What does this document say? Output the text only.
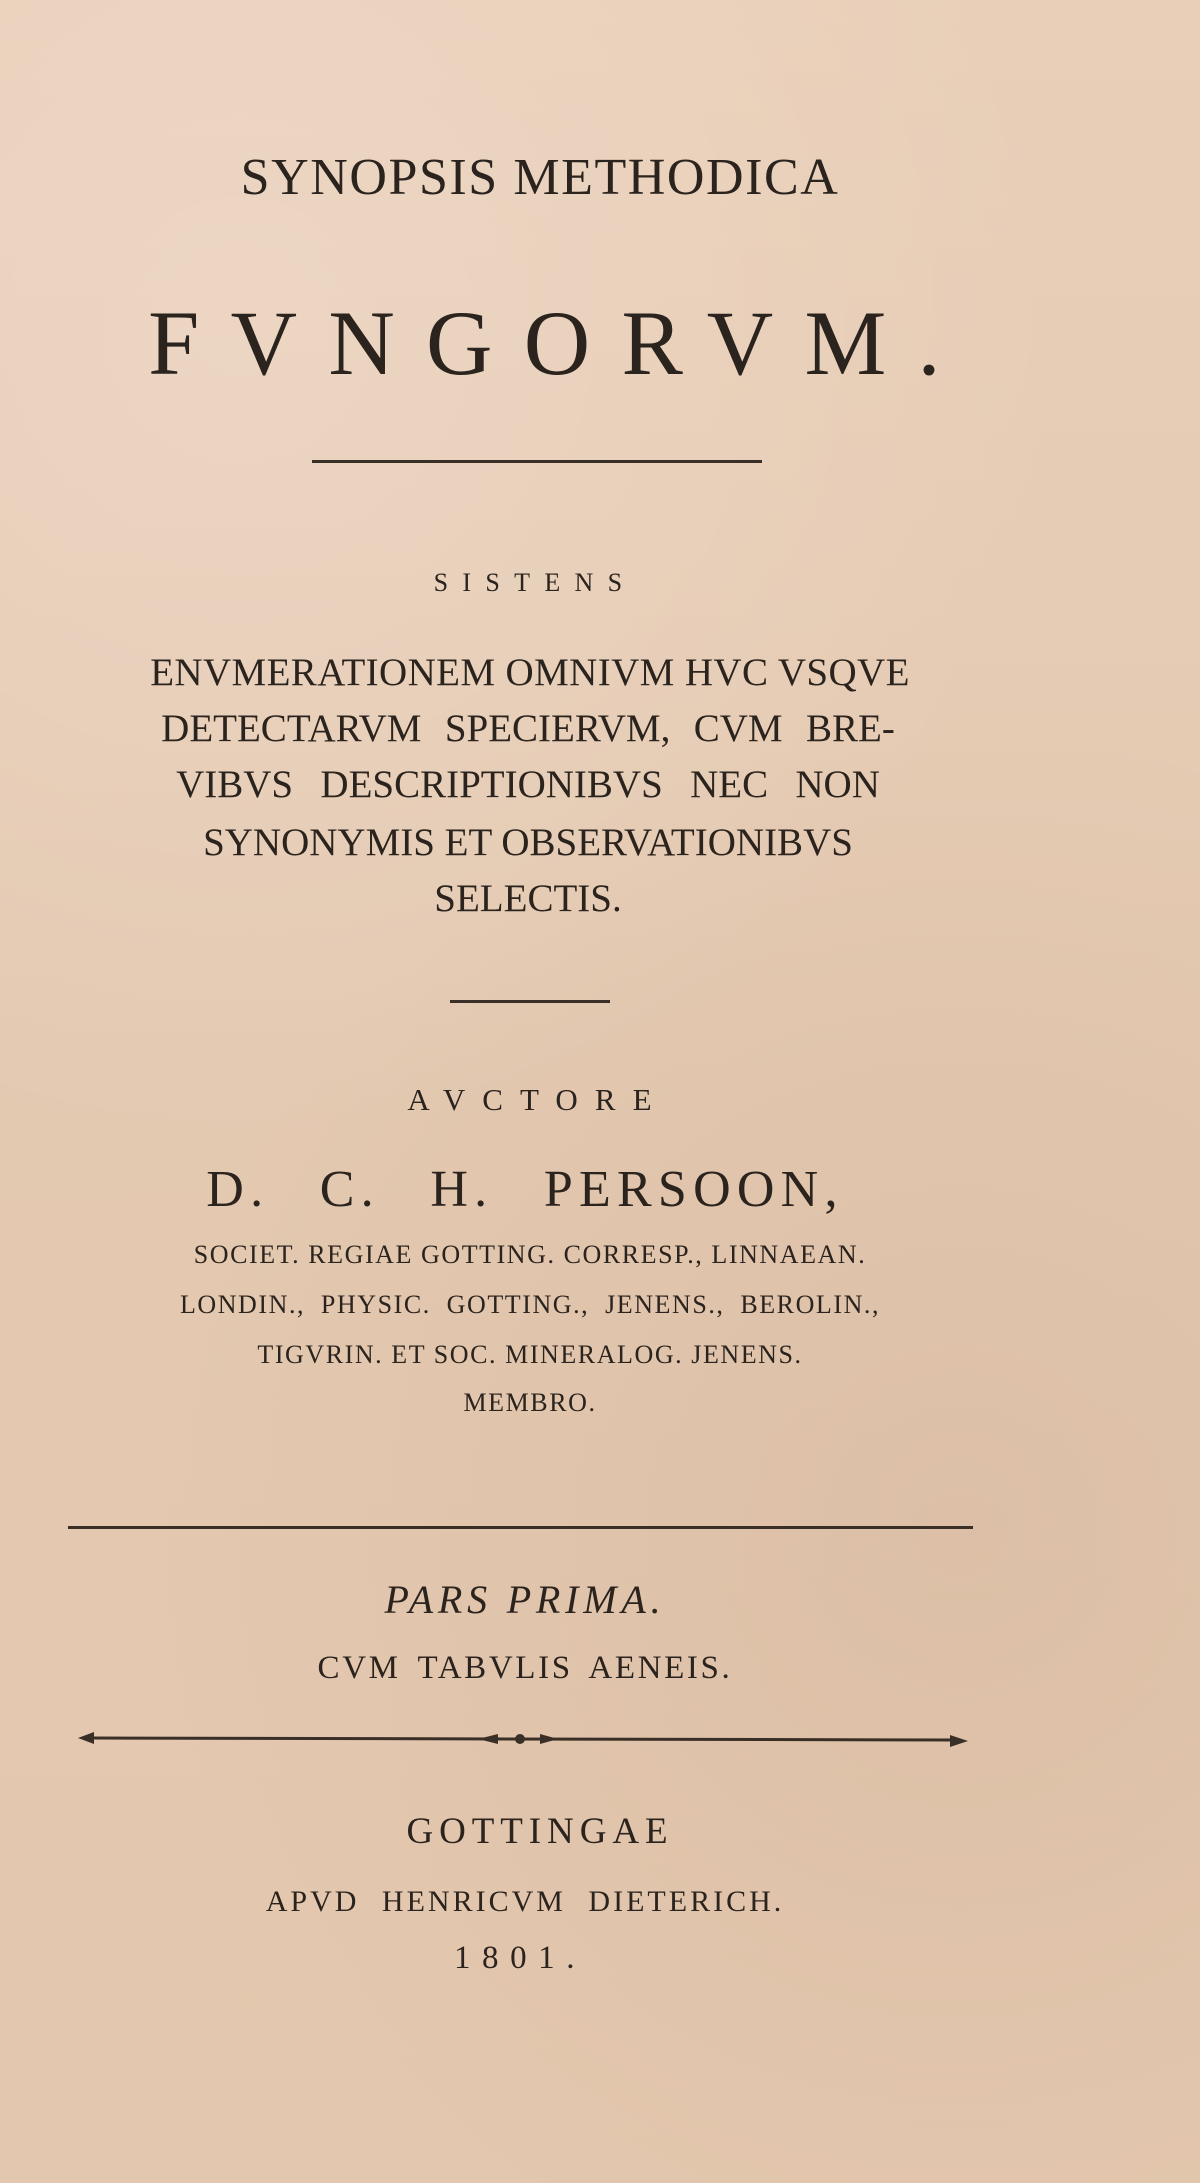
SYNOPSIS METHODICA
FVNGORVM.
SISTENS
ENVMERATIONEM OMNIVM HVC VSQVE
DETECTARVM SPECIERVM, CVM BRE-
VIBVS DESCRIPTIONIBVS NEC NON
SYNONYMIS ET OBSERVATIONIBVS
SELECTIS.
AVCTORE
D. C. H. PERSOON,
SOCIET. REGIAE GOTTING. CORRESP., LINNAEAN.
LONDIN., PHYSIC. GOTTING., JENENS., BEROLIN.,
TIGVRIN. ET SOC. MINERALOG. JENENS.
MEMBRO.
PARS PRIMA.
CVM TABVLIS AENEIS.
GOTTINGAE
APVD HENRICVM DIETERICH.
1801.
